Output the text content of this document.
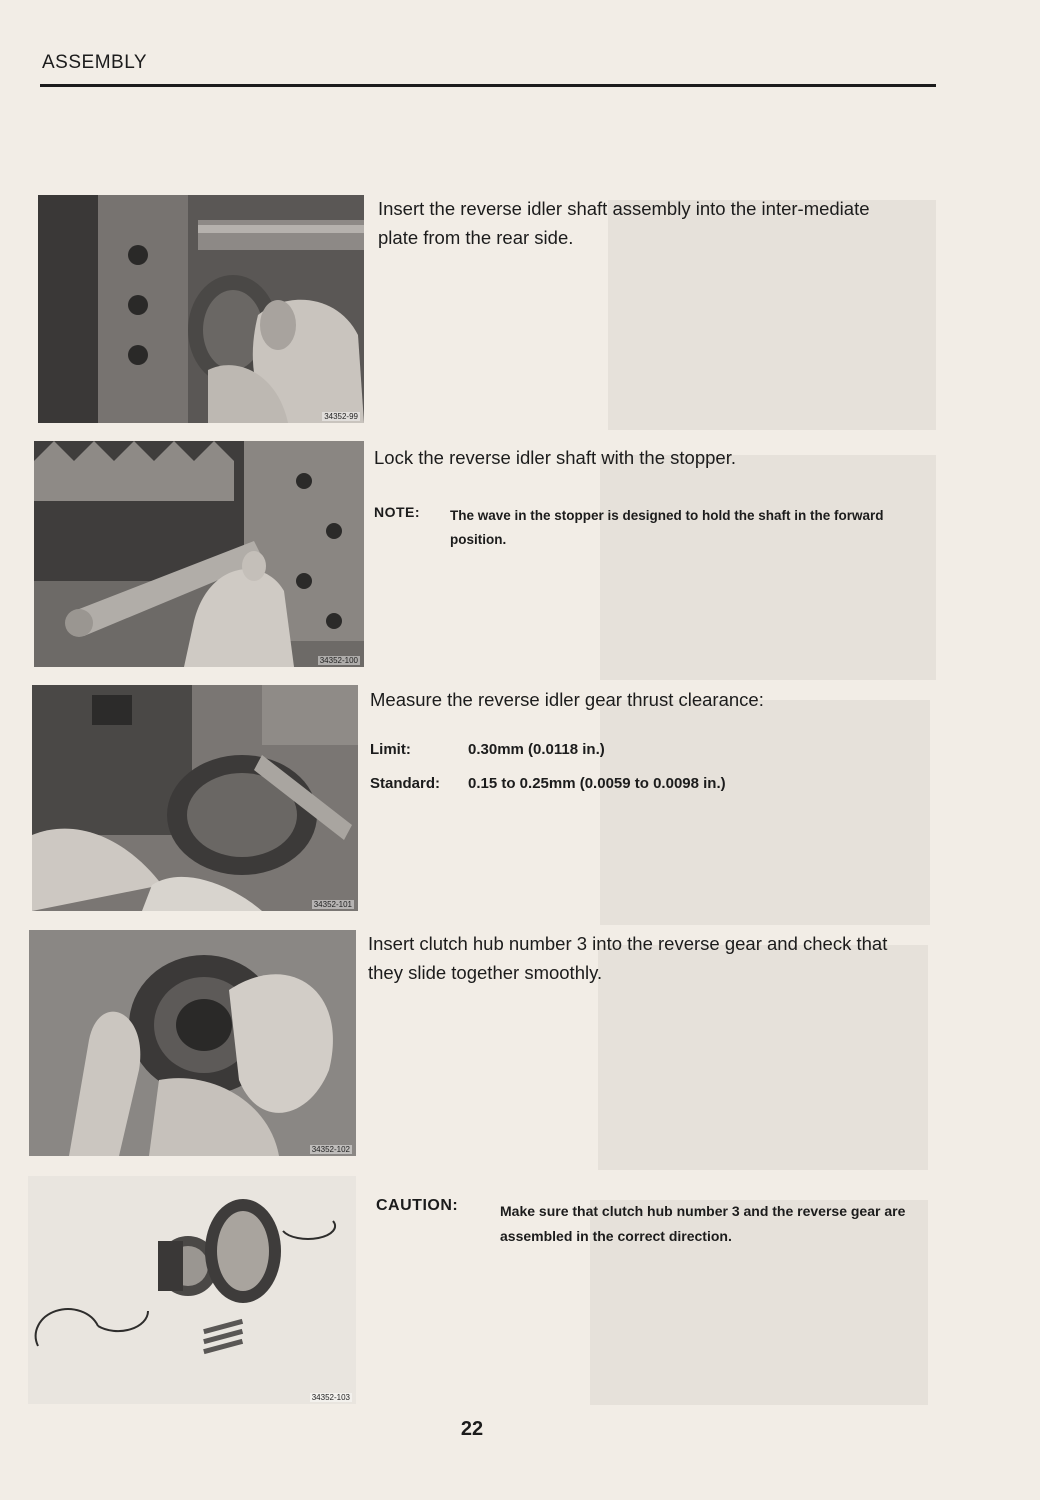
ASSEMBLY
34352-99
Insert the reverse idler shaft assembly into the inter-mediate plate from the rear side.
34352-100
Lock the reverse idler shaft with the stopper.
NOTE: The wave in the stopper is designed to hold the shaft in the forward position.
34352-101
Measure the reverse idler gear thrust clearance:
Limit:	0.30mm (0.0118 in.)
Standard: 0.15 to 0.25mm (0.0059 to 0.0098 in.)
34352-102
Insert clutch hub number 3 into the reverse gear and check that they slide together smoothly.
34352-103
CAUTION:	Make sure that clutch hub number 3 and the reverse gear are assembled in the correct direction.
22
